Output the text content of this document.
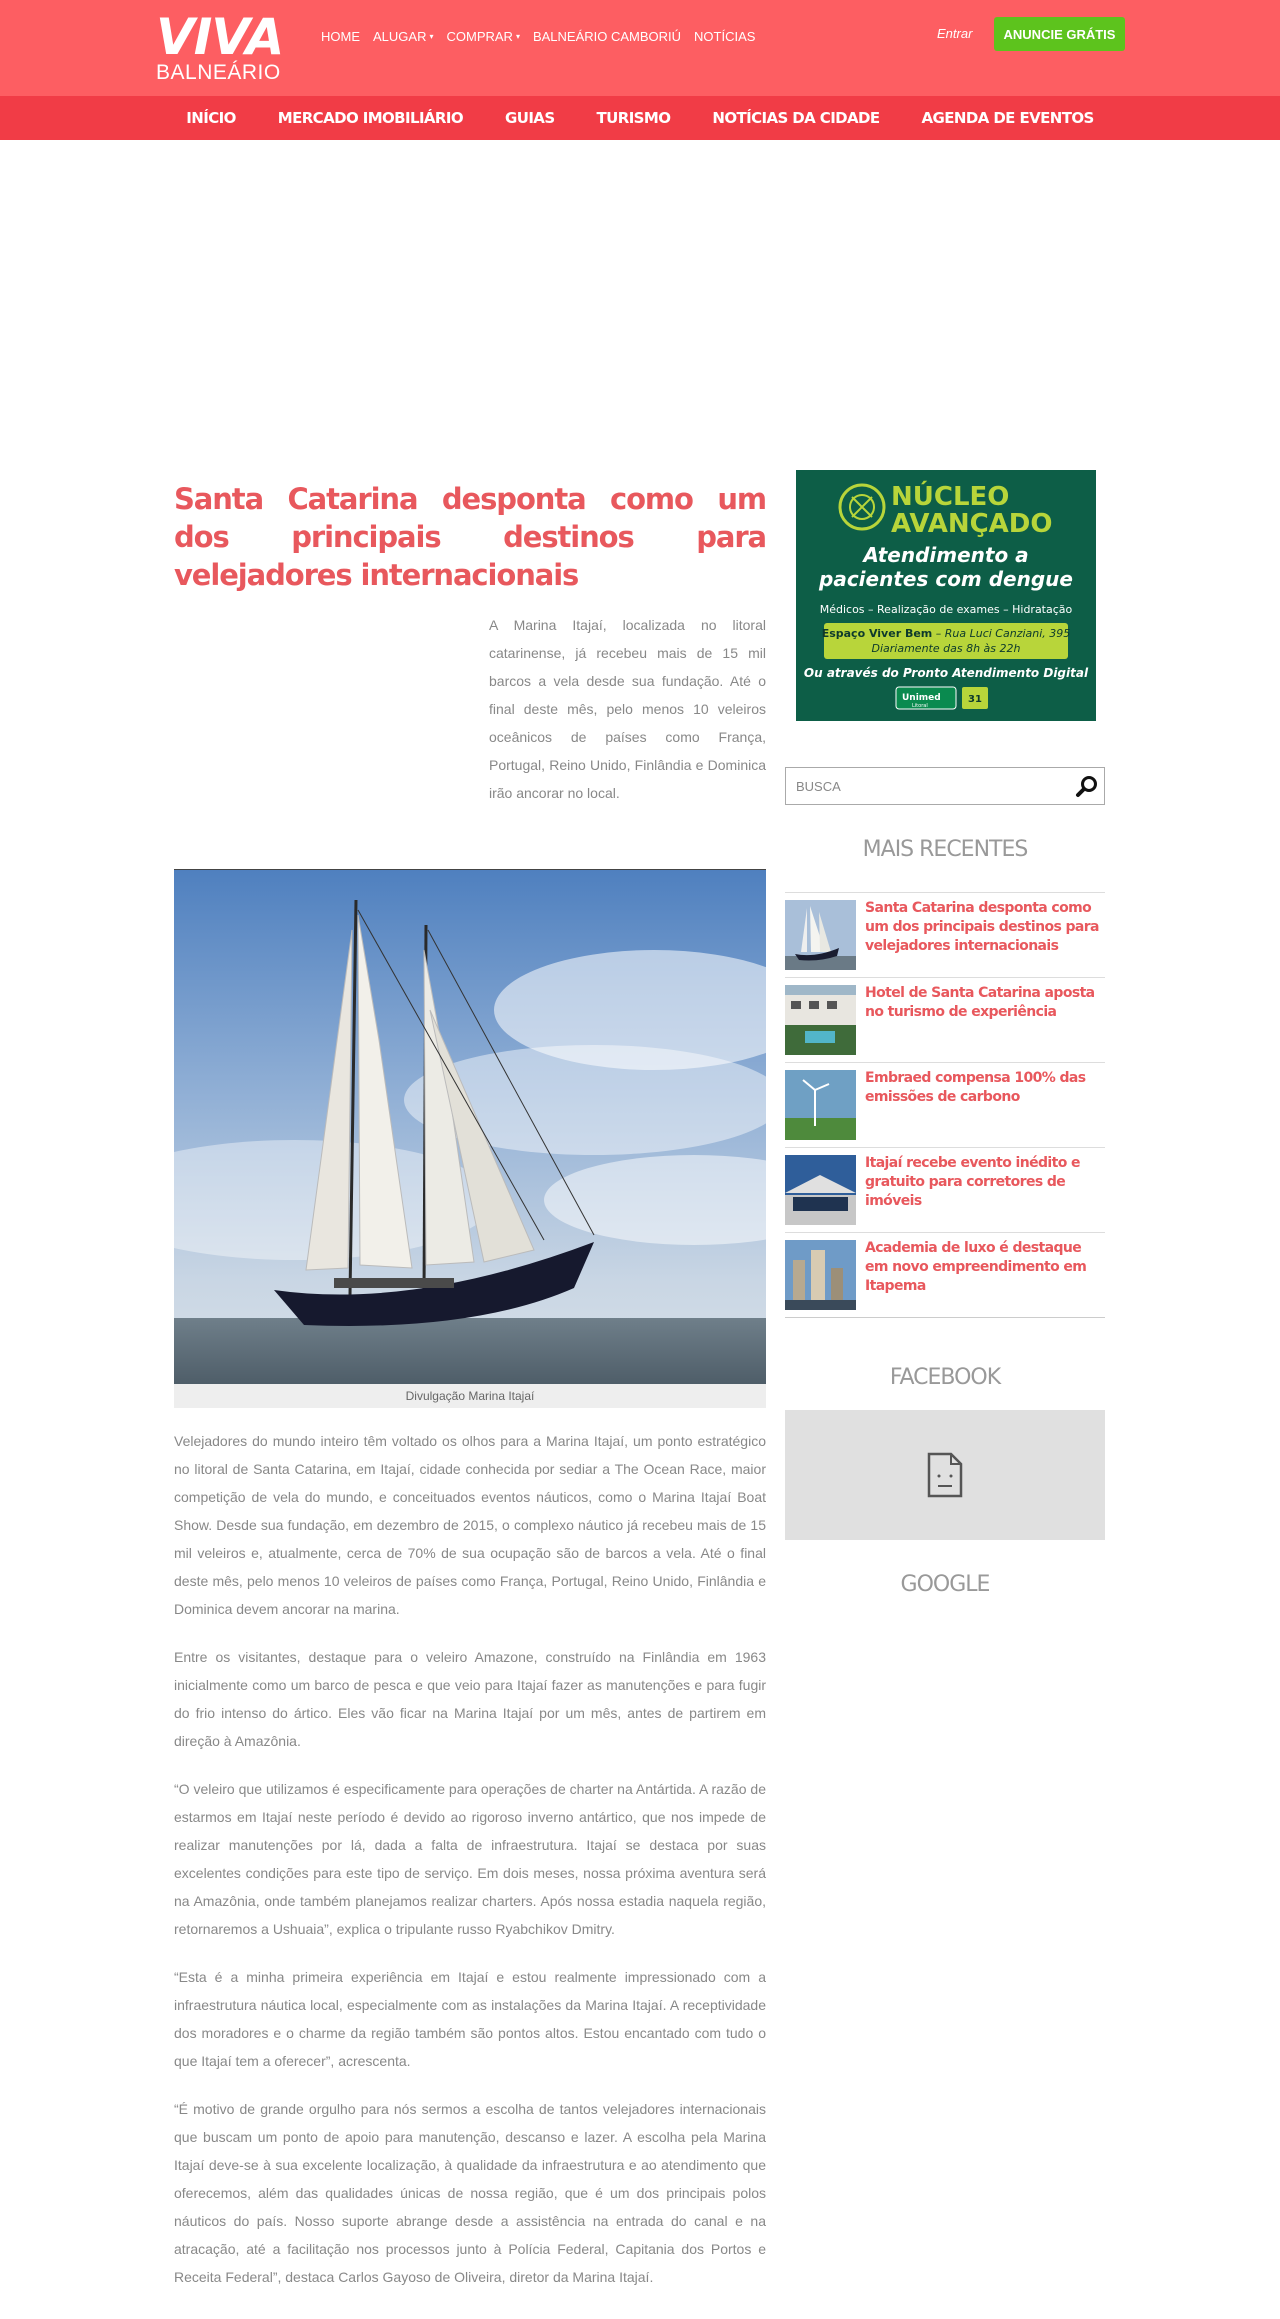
VIVA
BALNEÁRIO
HOME ALUGAR ▾ COMPRAR ▾ BALNEÁRIO CAMBORIÚ NOTÍCIAS	Entrar	ANUNCIE GRÁTIS
INÍCIO	MERCADO IMOBILIÁRIO	GUIAS	TURISMO	NOTÍCIAS DA CIDADE	AGENDA DE EVENTOS
Santa Catarina desponta como um dos principais destinos para velejadores internacionais

A Marina Itajaí, localizada no litoral catarinense, já recebeu mais de 15 mil barcos a vela desde sua fundação. Até o final deste mês, pelo menos 10 veleiros oceânicos de países como França, Portugal, Reino Unido, Finlândia e Dominica irão ancorar no local.

Divulgação Marina Itajaí

Velejadores do mundo inteiro têm voltado os olhos para a Marina Itajaí, um ponto estratégico no litoral de Santa Catarina, em Itajaí, cidade conhecida por sediar a The Ocean Race, maior competição de vela do mundo, e conceituados eventos náuticos, como o Marina Itajaí Boat Show. Desde sua fundação, em dezembro de 2015, o complexo náutico já recebeu mais de 15 mil veleiros e, atualmente, cerca de 70% de sua ocupação são de barcos a vela. Até o final deste mês, pelo menos 10 veleiros de países como França, Portugal, Reino Unido, Finlândia e Dominica devem ancorar na marina.

Entre os visitantes, destaque para o veleiro Amazone, construído na Finlândia em 1963 inicialmente como um barco de pesca e que veio para Itajaí fazer as manutenções e para fugir do frio intenso do ártico. Eles vão ficar na Marina Itajaí por um mês, antes de partirem em direção à Amazônia.

“O veleiro que utilizamos é especificamente para operações de charter na Antártida. A razão de estarmos em Itajaí neste período é devido ao rigoroso inverno antártico, que nos impede de realizar manutenções por lá, dada a falta de infraestrutura. Itajaí se destaca por suas excelentes condições para este tipo de serviço. Em dois meses, nossa próxima aventura será na Amazônia, onde também planejamos realizar charters. Após nossa estadia naquela região, retornaremos a Ushuaia”, explica o tripulante russo Ryabchikov Dmitry.

“Esta é a minha primeira experiência em Itajaí e estou realmente impressionado com a infraestrutura náutica local, especialmente com as instalações da Marina Itajaí. A receptividade dos moradores e o charme da região também são pontos altos. Estou encantado com tudo o que Itajaí tem a oferecer”, acrescenta.

“É motivo de grande orgulho para nós sermos a escolha de tantos velejadores internacionais que buscam um ponto de apoio para manutenção, descanso e lazer. A escolha pela Marina Itajaí deve-se à sua excelente localização, à qualidade da infraestrutura e ao atendimento que oferecemos, além das qualidades únicas de nossa região, que é um dos principais polos náuticos do país. Nosso suporte abrange desde a assistência na entrada do canal e na atracação, até a facilitação nos processos junto à Polícia Federal, Capitania dos Portos e Receita Federal”, destaca Carlos Gayoso de Oliveira, diretor da Marina Itajaí.

NÚCLEO
AVANÇADO
Atendimento a
pacientes com dengue
Médicos – Realização de exames – Hidratação
Espaço Viver Bem – Rua Luci Canziani, 395
Diariamente das 8h às 22h
Ou através do Pronto Atendimento Digital
Unimed
Litoral
31
BUSCA
MAIS RECENTES
Santa Catarina desponta como um dos principais destinos para velejadores internacionais
Hotel de Santa Catarina aposta no turismo de experiência
Embraed compensa 100% das emissões de carbono
Itajaí recebe evento inédito e gratuito para corretores de imóveis
Academia de luxo é destaque em novo empreendimento em Itapema
FACEBOOK
GOOGLE
